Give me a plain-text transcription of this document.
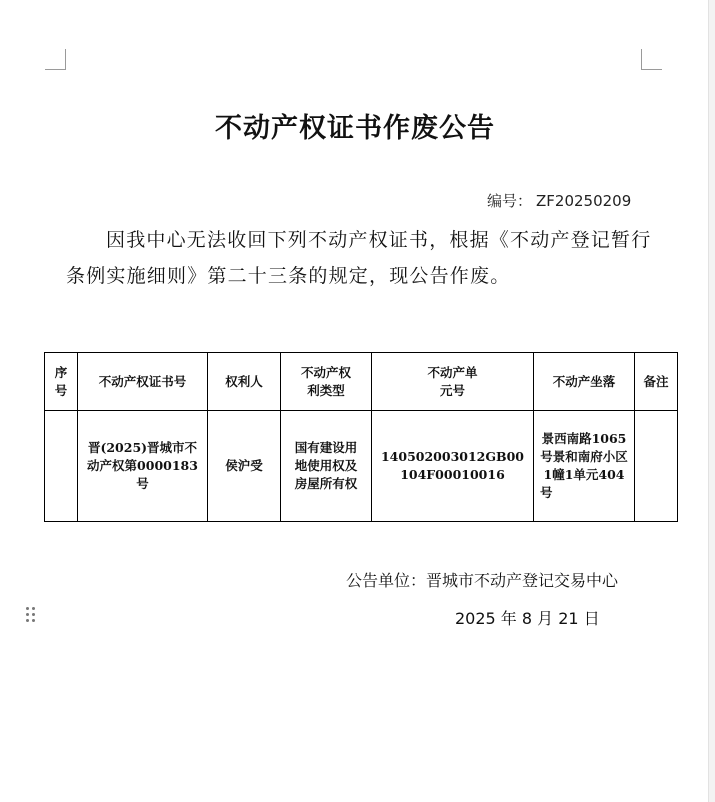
不动产权证书作废公告
编号： ZF20250209
因我中心无法收回下列不动产权证书，根据《不动产登记暂行条例实施细则》第二十三条的规定，现公告作废。
序号	不动产权证书号	权利人	不动产权利类型	不动产单元号	不动产坐落	备注
	晋(2025)晋城市不动产权第0000183号	侯沪受	国有建设用地使用权及房屋所有权	140502003012GB00104F00010016	景西南路1065号景和南府小区1幢1单元404号	
公告单位：晋城市不动产登记交易中心
2025 年 8 月 21 日
